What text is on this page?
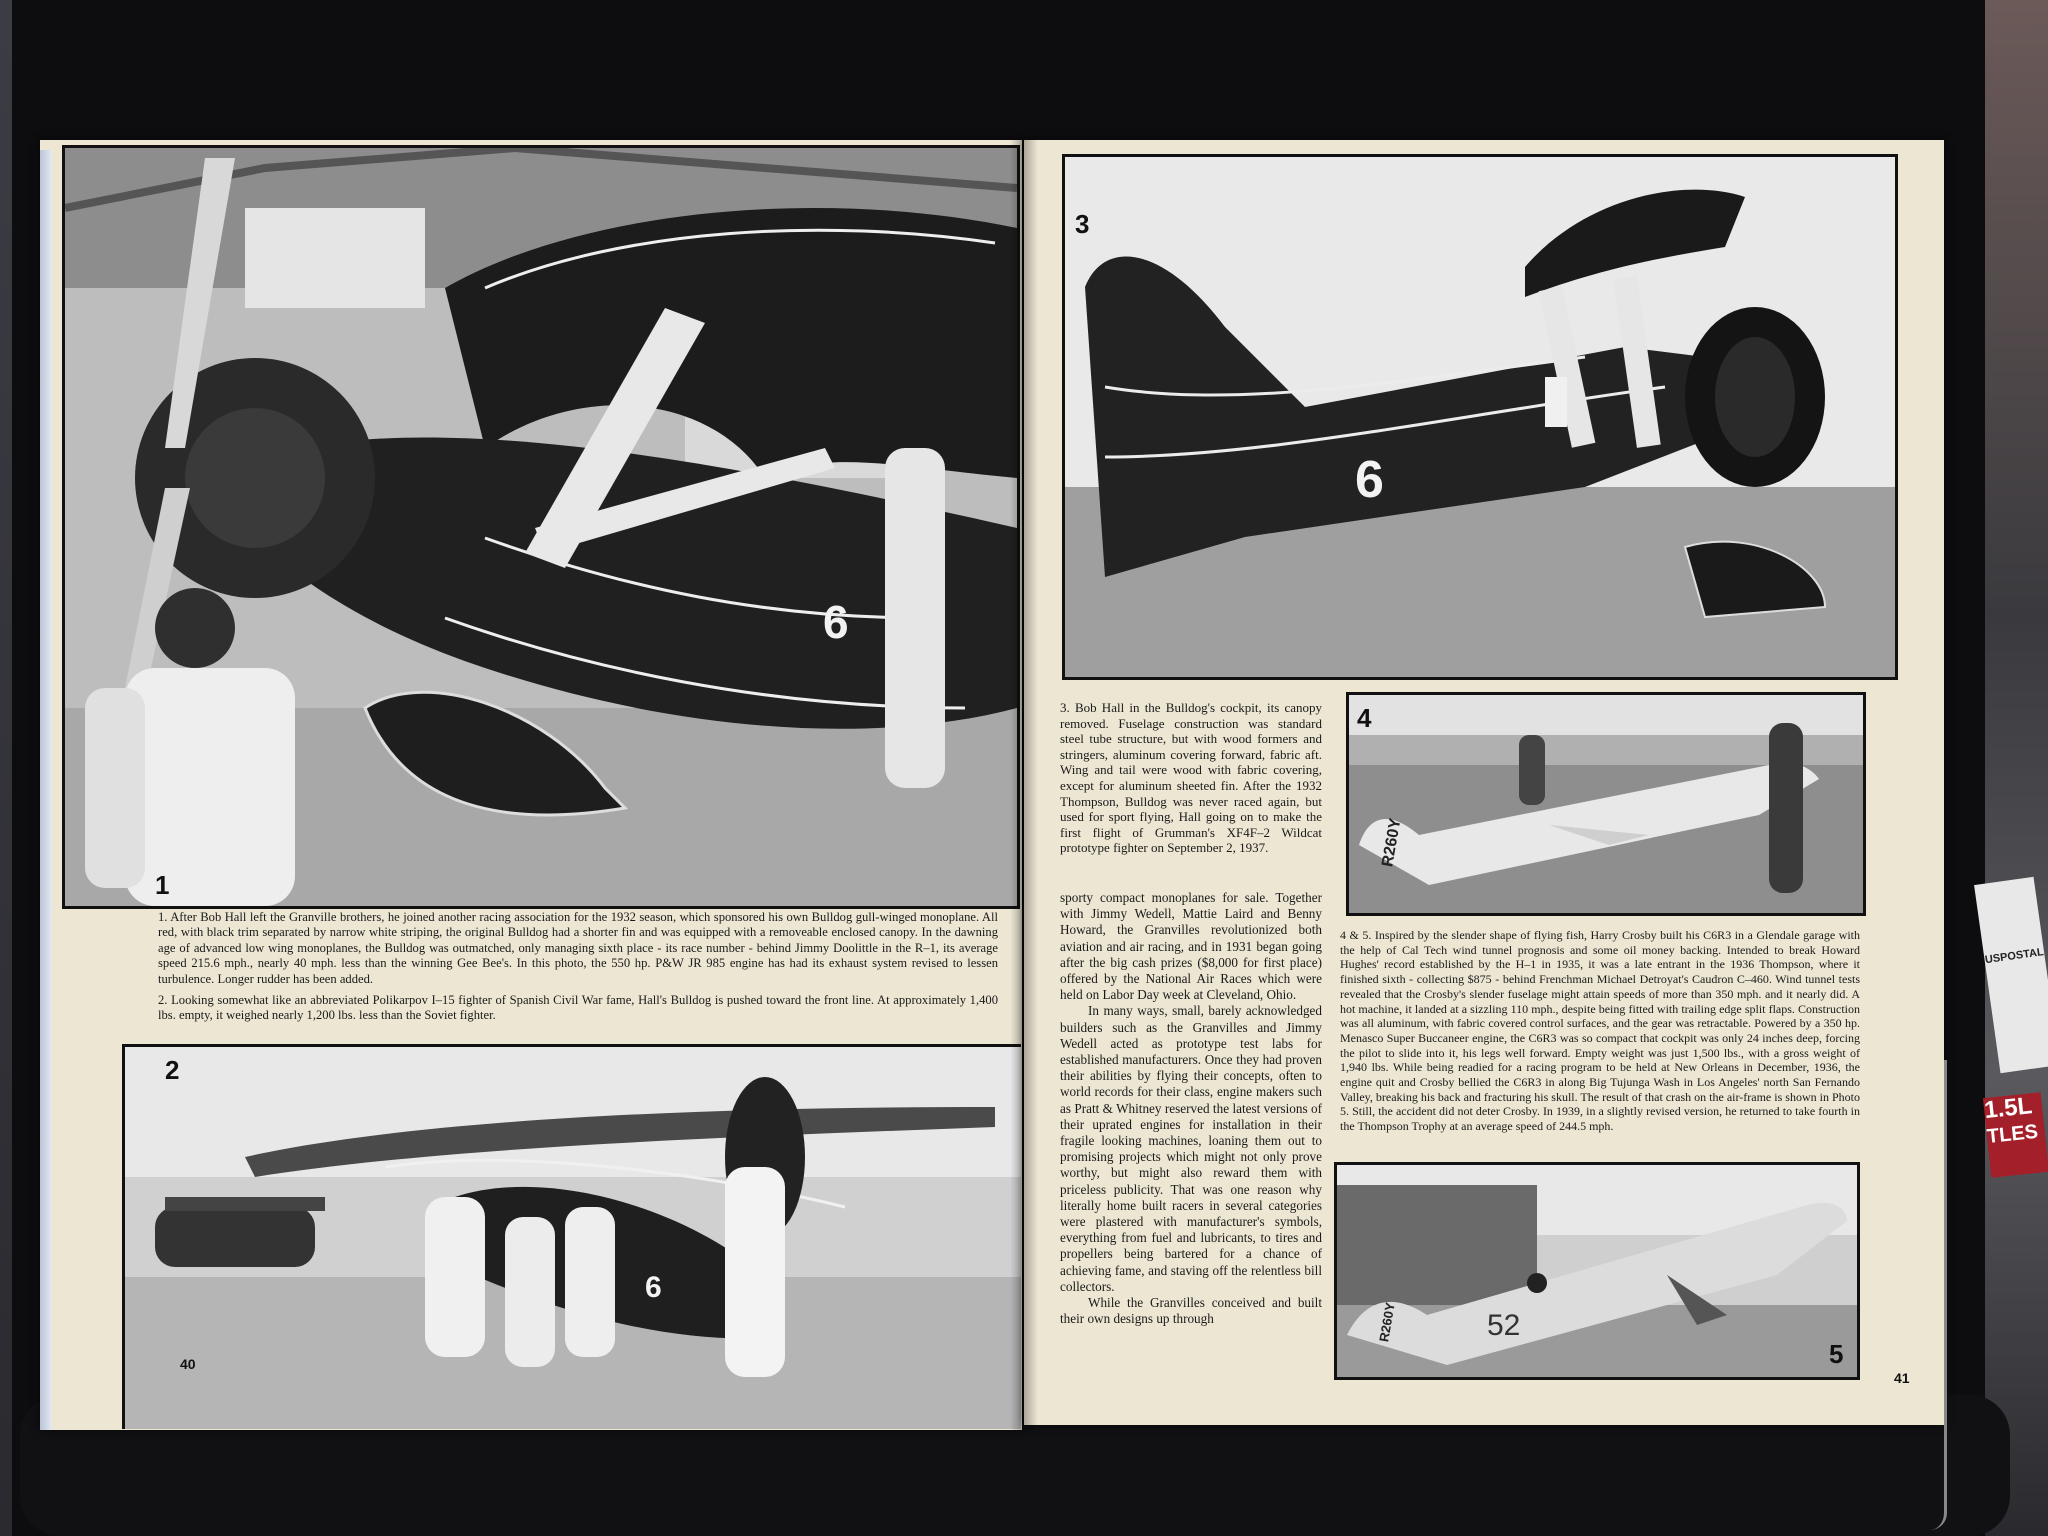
USPOSTAL
1.5L
TLES
6
1

1. After Bob Hall left the Granville brothers, he joined another racing association for the 1932 season, which sponsored his own Bulldog gull-winged monoplane. All red, with black trim separated by narrow white striping, the original Bulldog had a shorter fin and was equipped with a removeable enclosed canopy. In the dawning age of advanced low wing monoplanes, the Bulldog was outmatched, only managing sixth place - its race number - behind Jimmy Doolittle in the R–1, its average speed 215.6 mph., nearly 40 mph. less than the winning Gee Bee's. In this photo, the 550 hp. P&W JR 985 engine has had its exhaust system revised to lessen turbulence. Longer rudder has been added.

2. Looking somewhat like an abbreviated Polikarpov I–15 fighter of Spanish Civil War fame, Hall's Bulldog is pushed toward the front line. At approximately 1,400 lbs. empty, it weighed nearly 1,200 lbs. less than the Soviet fighter.

6
2
40
6
3

3. Bob Hall in the Bulldog's cockpit, its canopy removed. Fuselage construction was standard steel tube structure, but with wood formers and stringers, aluminum covering forward, fabric aft. Wing and tail were wood with fabric covering, except for aluminum sheeted fin. After the 1932 Thompson, Bulldog was never raced again, but used for sport flying, Hall going on to make the first flight of Grumman's XF4F–2 Wildcat prototype fighter on September 2, 1937.

sporty compact monoplanes for sale. Together with Jimmy Wedell, Mattie Laird and Benny Howard, the Granvilles revolutionized both aviation and air racing, and in 1931 began going after the big cash prizes ($8,000 for first place) offered by the National Air Races which were held on Labor Day week at Cleveland, Ohio.

In many ways, small, barely acknowledged builders such as the Granvilles and Jimmy Wedell acted as prototype test labs for established manufacturers. Once they had proven their abilities by flying their concepts, often to world records for their class, engine makers such as Pratt & Whitney reserved the latest versions of their uprated engines for installation in their fragile looking machines, loaning them out to promising projects which might not only prove worthy, but might also reward them with priceless publicity. That was one reason why literally home built racers in several categories were plastered with manufacturer's symbols, everything from fuel and lubricants, to tires and propellers being bartered for a chance of achieving fame, and staving off the relentless bill collectors.

While the Granvilles conceived and built their own designs up through

R260Y
4

4 & 5. Inspired by the slender shape of flying fish, Harry Crosby built his C6R3 in a Glendale garage with the help of Cal Tech wind tunnel prognosis and some oil money backing. Intended to break Howard Hughes' record established by the H–1 in 1935, it was a late entrant in the 1936 Thompson, where it finished sixth - collecting $875 - behind Frenchman Michael Detroyat's Caudron C–460. Wind tunnel tests revealed that the Crosby's slender fuselage might attain speeds of more than 350 mph. and it nearly did. A hot machine, it landed at a sizzling 110 mph., despite being fitted with trailing edge split flaps. Construction was all aluminum, with fabric covered control surfaces, and the gear was retractable. Powered by a 350 hp. Menasco Super Buccaneer engine, the C6R3 was so compact that cockpit was only 24 inches deep, forcing the pilot to slide into it, his legs well forward. Empty weight was just 1,500 lbs., with a gross weight of 1,940 lbs. While being readied for a racing program to be held at New Orleans in December, 1936, the engine quit and Crosby bellied the C6R3 in along Big Tujunga Wash in Los Angeles' north San Fernando Valley, breaking his back and fracturing his skull. The result of that crash on the air-frame is shown in Photo 5. Still, the accident did not deter Crosby. In 1939, in a slightly revised version, he returned to take fourth in the Thompson Trophy at an average speed of 244.5 mph.

52
R260Y
5
41
